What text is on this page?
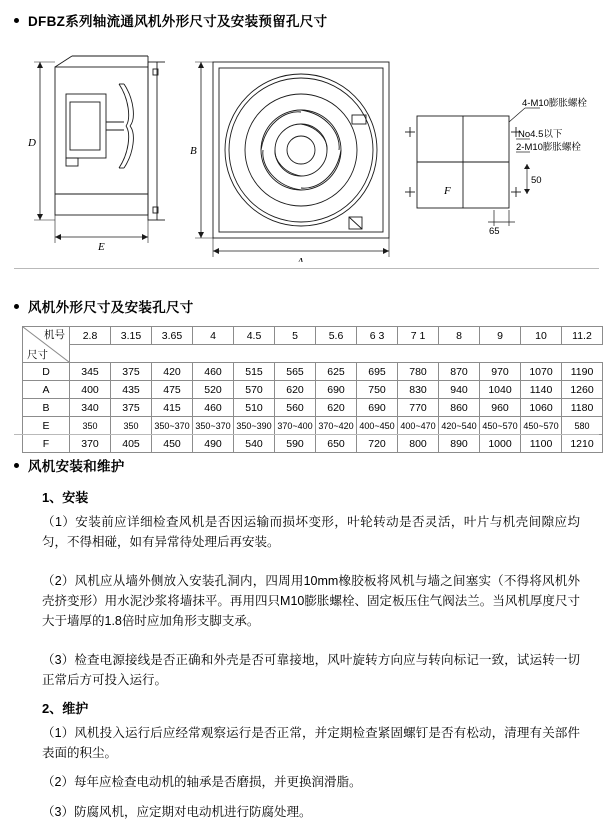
DFBZ系列轴流通风机外形尺寸及安装预留孔尺寸
D
E
B
A
F
4-M10膨胀螺栓
No4.5以下
2-M10膨胀螺栓
50
65
风机外形尺寸及安装孔尺寸
机号
尺寸	2.8	3.15	3.65	4	4.5	5	5.6	6 3	7 1	8	9	10	11.2

D	345	375	420	460	515	565	625	695	780	870	970	1070	1190
A	400	435	475	520	570	620	690	750	830	940	1040	1140	1260
B	340	375	415	460	510	560	620	690	770	860	960	1060	1180
E	350	350	350~370	350~370	350~390	370~400	370~420	400~450	400~470	420~540	450~570	450~570	580
F	370	405	450	490	540	590	650	720	800	890	1000	1100	1210
风机安装和维护
1、安装
（1）安装前应详细检查风机是否因运输而损坏变形，叶轮转动是否灵活，叶片与机壳间隙应均匀，不得相碰，如有异常待处理后再安装。
（2）风机应从墙外侧放入安装孔洞内，四周用10mm橡胶板将风机与墙之间塞实（不得将风机外壳挤变形）用水泥沙浆将墙抹平。再用四只M10膨胀螺栓、固定板压住气阀法兰。当风机厚度尺寸大于墙厚的1.8倍时应加角形支脚支承。
（3）检查电源接线是否正确和外壳是否可靠接地，风叶旋转方向应与转向标记一致，试运转一切正常后方可投入运行。
2、维护
（1）风机投入运行后应经常观察运行是否正常，并定期检查紧固螺钉是否有松动，清理有关部件表面的积尘。
（2）每年应检查电动机的轴承是否磨损，并更换润滑脂。
（3）防腐风机，应定期对电动机进行防腐处理。
